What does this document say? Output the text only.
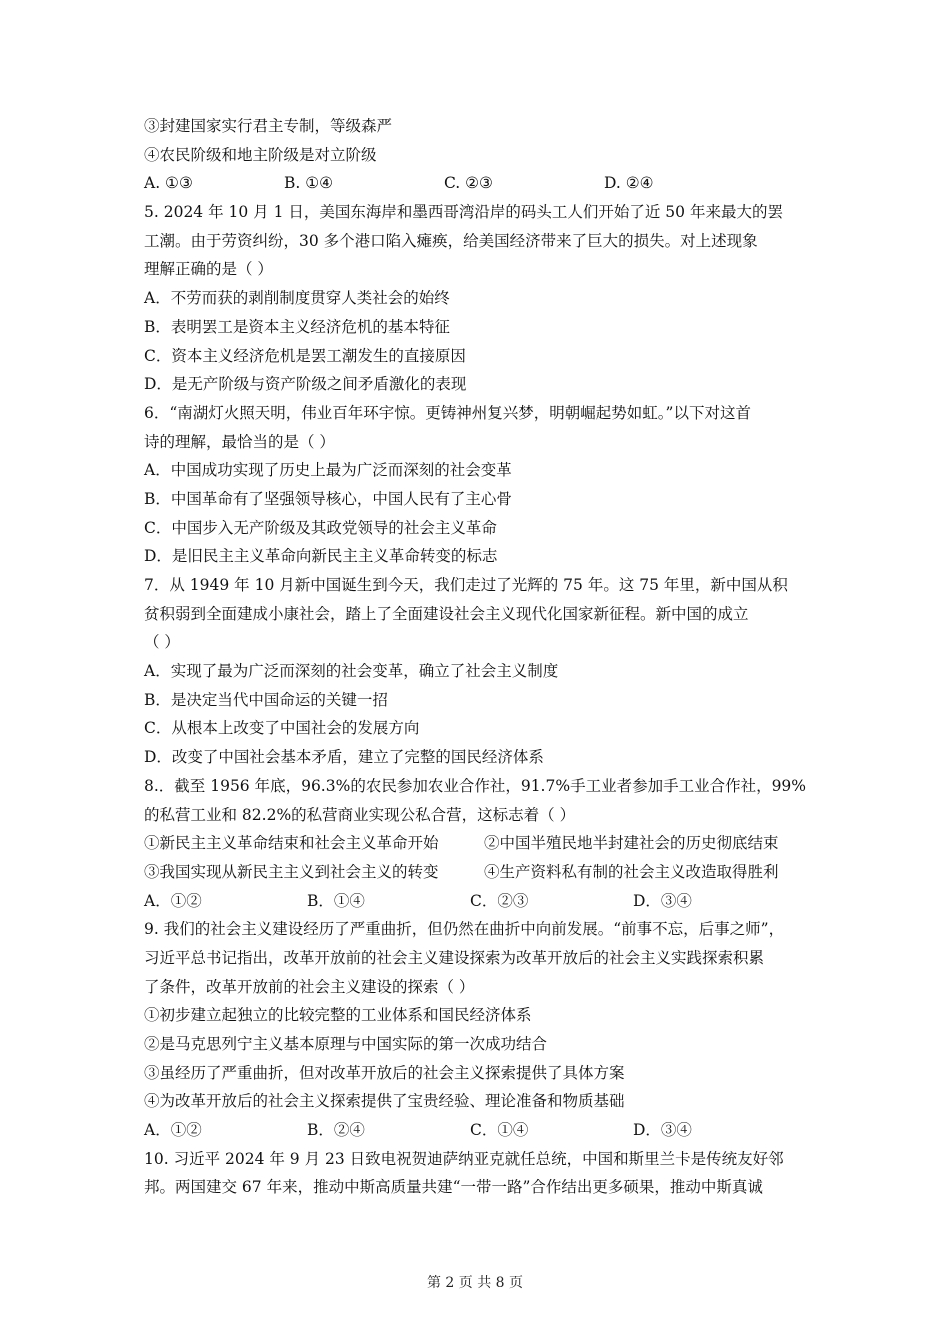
③封建国家实行君主专制，等级森严
④农民阶级和地主阶级是对立阶级
A. ①③	B. ①④	C. ②③	D. ②④
5. 2024 年 10 月 1 日，美国东海岸和墨西哥湾沿岸的码头工人们开始了近 50 年来最大的罢
工潮。由于劳资纠纷，30 多个港口陷入瘫痪，给美国经济带来了巨大的损失。对上述现象
理解正确的是（ ）
A．不劳而获的剥削制度贯穿人类社会的始终
B．表明罢工是资本主义经济危机的基本特征
C．资本主义经济危机是罢工潮发生的直接原因
D．是无产阶级与资产阶级之间矛盾激化的表现
6．“南湖灯火照天明，伟业百年环宇惊。更铸神州复兴梦，明朝崛起势如虹。”以下对这首
诗的理解，最恰当的是（ ）
A．中国成功实现了历史上最为广泛而深刻的社会变革
B．中国革命有了坚强领导核心，中国人民有了主心骨
C．中国步入无产阶级及其政党领导的社会主义革命
D．是旧民主主义革命向新民主主义革命转变的标志
7．从 1949 年 10 月新中国诞生到今天，我们走过了光辉的 75 年。这 75 年里，新中国从积
贫积弱到全面建成小康社会，踏上了全面建设社会主义现代化国家新征程。新中国的成立
（ ）
A．实现了最为广泛而深刻的社会变革，确立了社会主义制度
B．是决定当代中国命运的关键一招
C．从根本上改变了中国社会的发展方向
D．改变了中国社会基本矛盾，建立了完整的国民经济体系
8.．截至 1956 年底，96.3%的农民参加农业合作社，91.7%手工业者参加手工业合作社，99%
的私营工业和 82.2%的私营商业实现公私合营，这标志着（ ）
①新民主主义革命结束和社会主义革命开始	②中国半殖民地半封建社会的历史彻底结束
③我国实现从新民主主义到社会主义的转变	④生产资料私有制的社会主义改造取得胜利
A．①②	B．①④	C．②③	D．③④
9. 我们的社会主义建设经历了严重曲折，但仍然在曲折中向前发展。“前事不忘，后事之师”，
习近平总书记指出，改革开放前的社会主义建设探索为改革开放后的社会主义实践探索积累
了条件，改革开放前的社会主义建设的探索（ ）
①初步建立起独立的比较完整的工业体系和国民经济体系
②是马克思列宁主义基本原理与中国实际的第一次成功结合
③虽经历了严重曲折，但对改革开放后的社会主义探索提供了具体方案
④为改革开放后的社会主义探索提供了宝贵经验、理论准备和物质基础
A．①②	B．②④	C．①④	D．③④
10. 习近平 2024 年 9 月 23 日致电祝贺迪萨纳亚克就任总统，中国和斯里兰卡是传统友好邻
邦。两国建交 67 年来，推动中斯高质量共建“一带一路”合作结出更多硕果，推动中斯真诚
第 2 页 共 8 页
